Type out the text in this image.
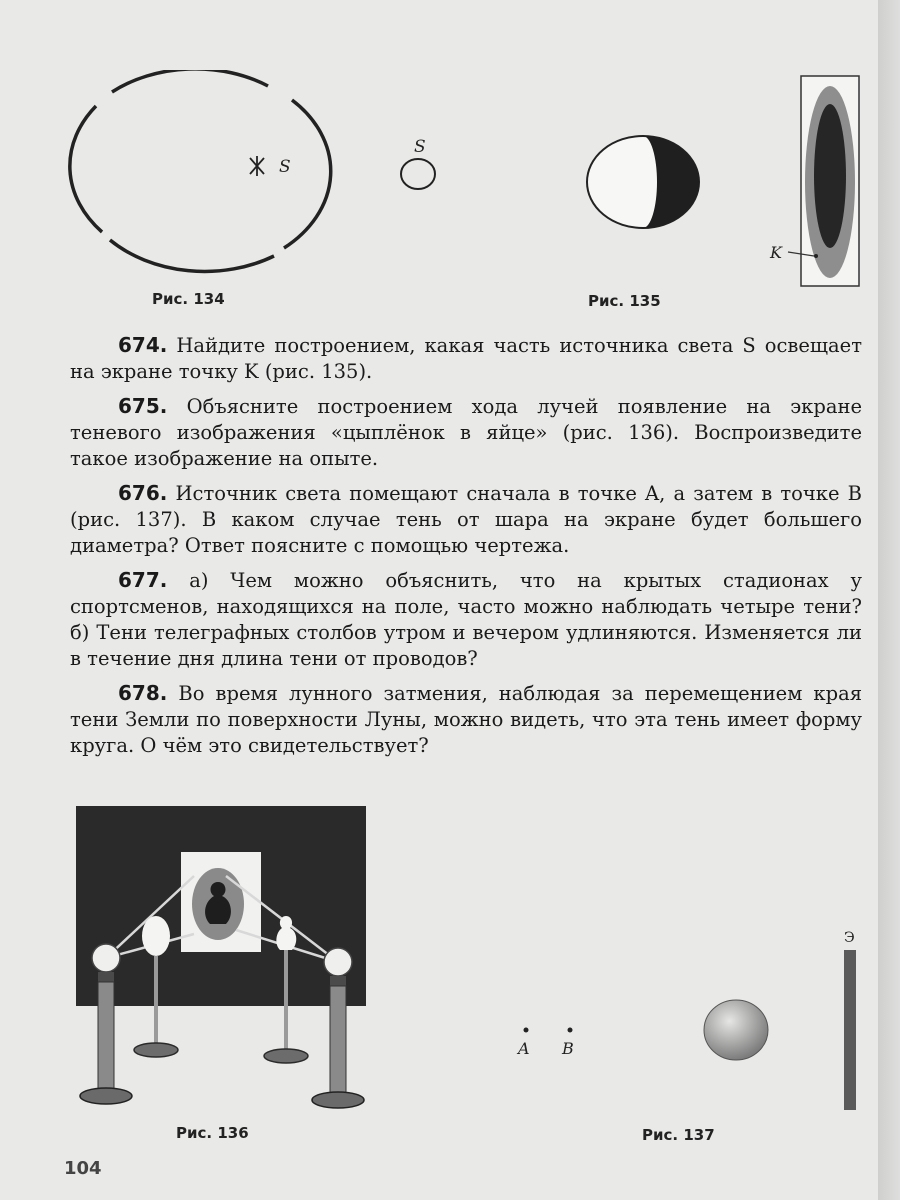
S
Рис. 134
S
K
Рис. 135
674. Найдите построением, какая часть источника света S освещает на экране точку K (рис. 135).
675. Объясните построением хода лучей появление на экране теневого изображения «цыплёнок в яйце» (рис. 136). Воспроизведите такое изображение на опыте.
676. Источник света помещают сначала в точке A, а затем в точке B (рис. 137). В каком случае тень от шара на экране будет большего диаметра? Ответ поясните с помощью чертежа.
677. а) Чем можно объяснить, что на крытых стадионах у спортсменов, находящихся на поле, часто можно наблюдать четыре тени? б) Тени телеграфных столбов утром и вечером удлиняются. Изменяется ли в течение дня длина тени от проводов?
678. Во время лунного затмения, наблюдая за перемещением края тени Земли по поверхности Луны, можно видеть, что эта тень имеет форму круга. О чём это свидетельствует?
Рис. 136
A B
Э
Рис. 137
104
